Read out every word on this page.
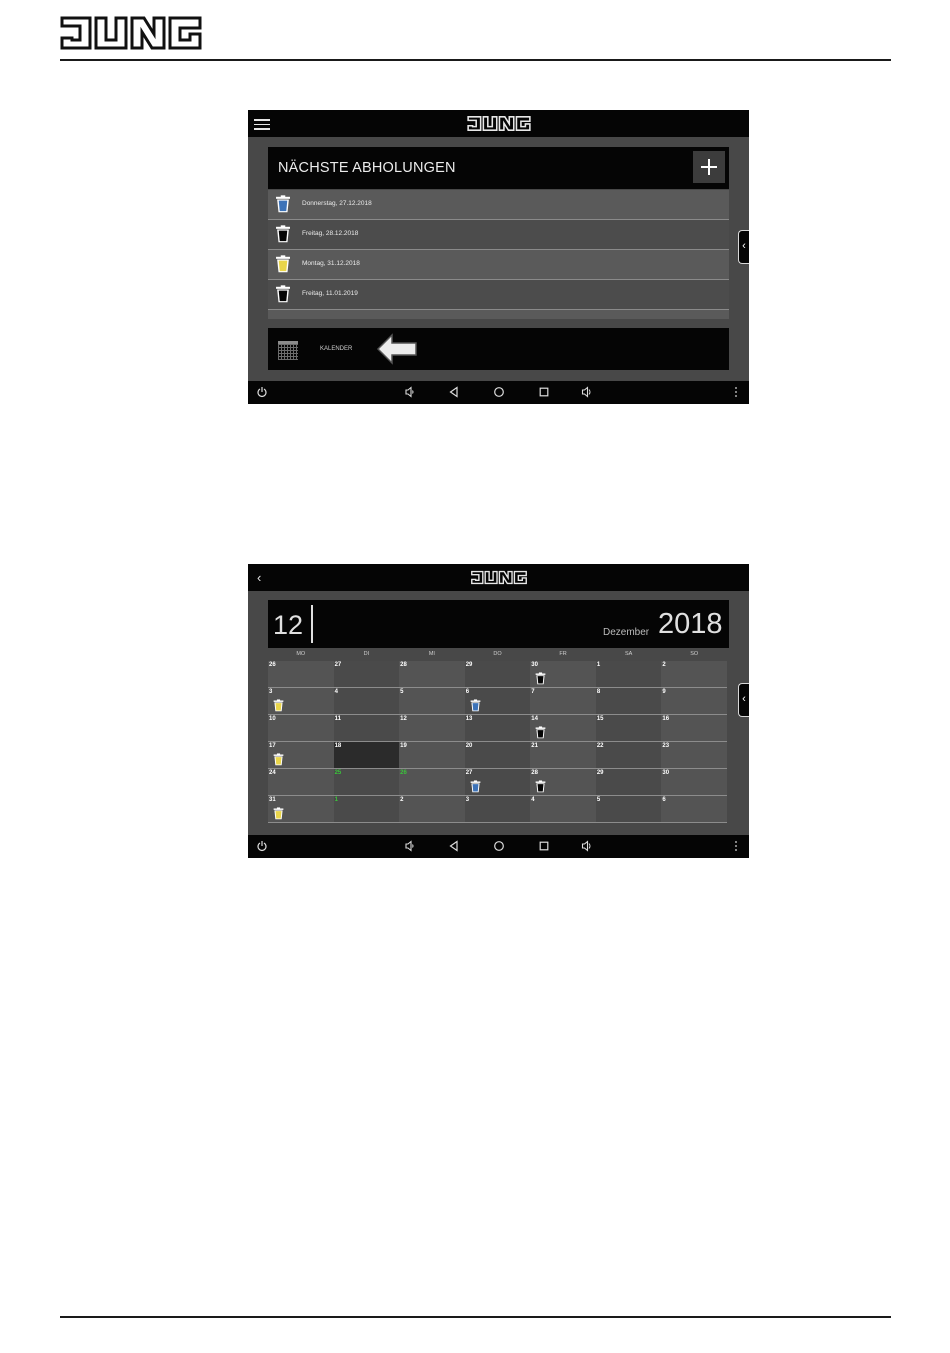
NÄCHSTE ABHOLUNGEN
Donnerstag, 27.12.2018
Freitag, 28.12.2018
Montag, 31.12.2018
Freitag, 11.01.2019
‹
KALENDER
‹
12	Dezember 2018
MO	DI	MI	DO	FR	SA	SO
26	27	28	29	30	1	2
3	4	5	6	7	8	9
10	11	12	13	14	15	16
17	18	19	20	21	22	23
24	25	26	27	28	29	30
31	1	2	3	4	5	6
‹
